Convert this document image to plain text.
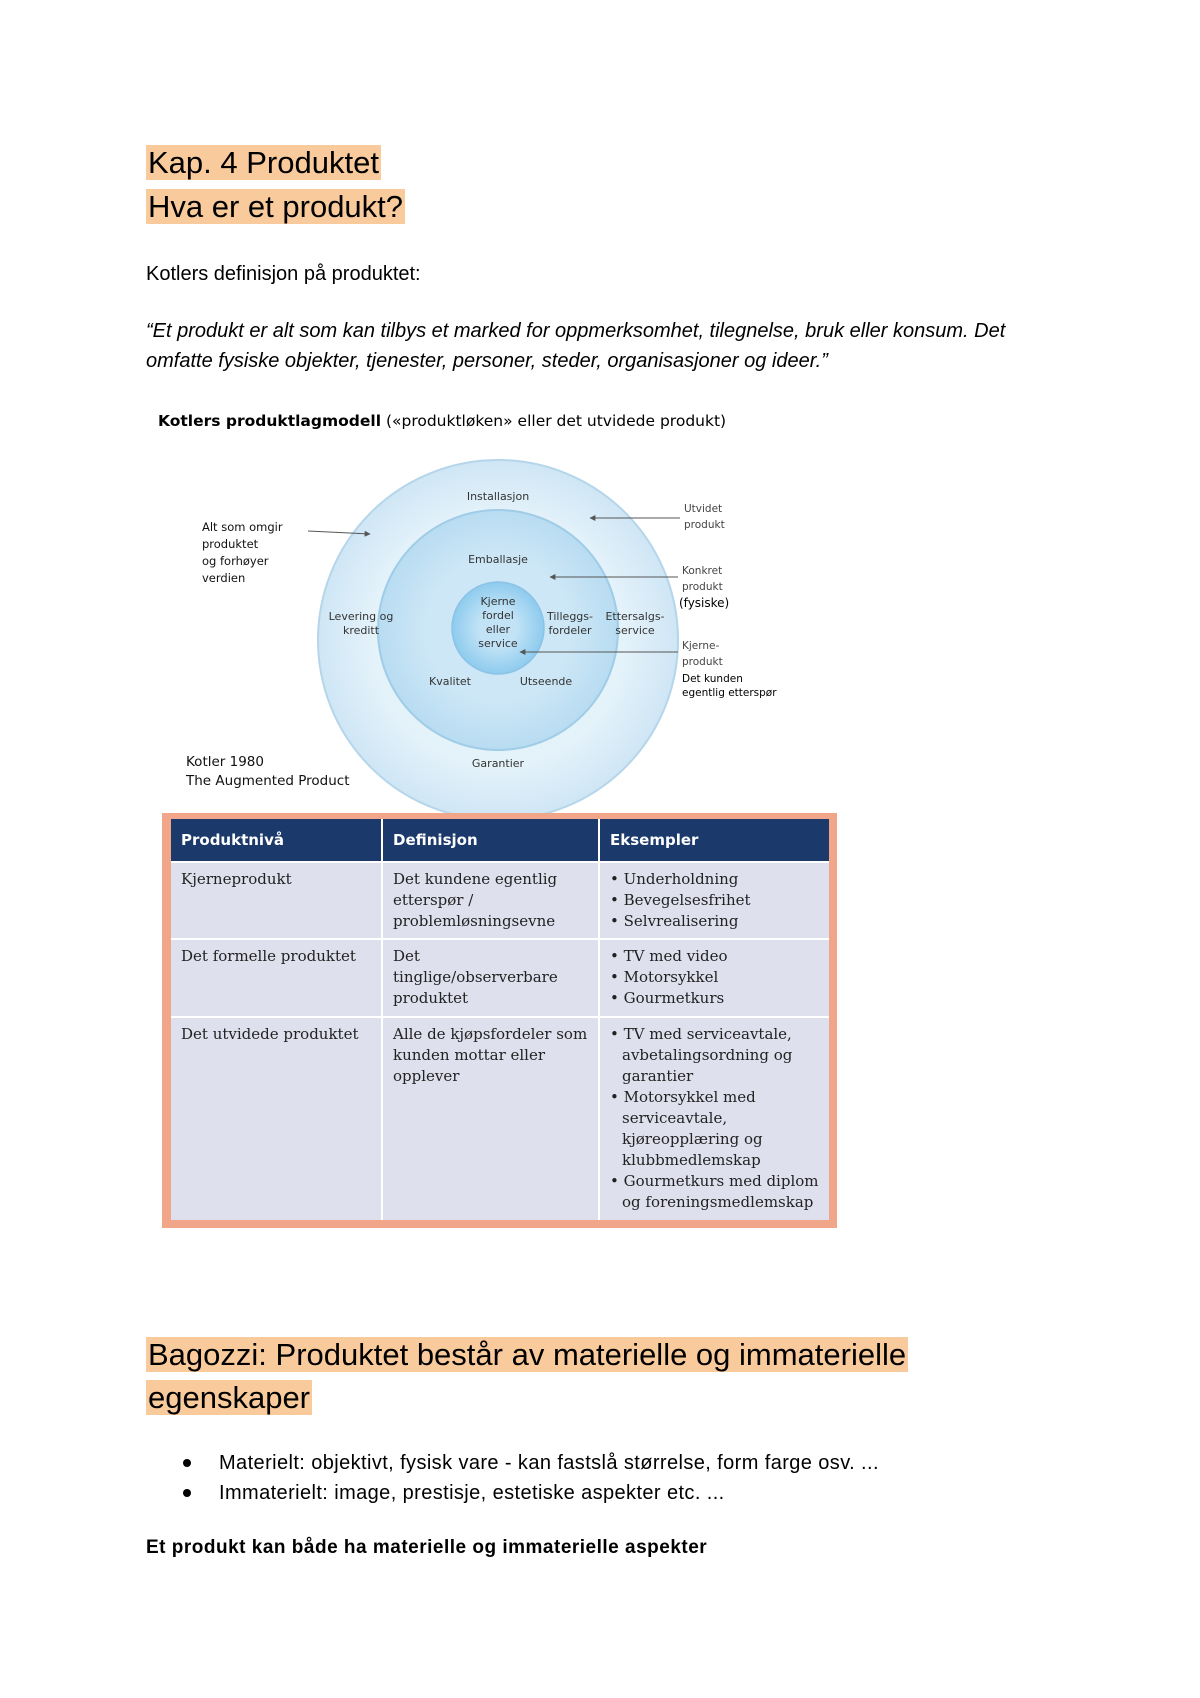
Kap. 4 Produktet
Hva er et produkt?
Kotlers definisjon på produktet:
“Et produkt er alt som kan tilbys et marked for oppmerksomhet, tilegnelse, bruk eller konsum. Det omfatte fysiske objekter, tjenester, personer, steder, organisasjoner og ideer.”
Kotlers produktlagmodell («produktløken» eller det utvidede produkt)
Installasjon
Emballasje
Garantier
Kvalitet	Utseende
Levering og kreditt
Tilleggs-fordeler
Ettersalgs-service
Kjerne fordel eller service
Alt som omgir produktet og forhøyer verdien
Kotler 1980
The Augmented Product
Utvidet produkt
Konkret produkt (fysiske)
Kjerne-produkt Det kunden egentlig etterspør
Produktnivå	Definisjon	Eksempler
Kjerneprodukt	Det kundene egentlig etterspør / problemløsningsevne	• Underholdning
• Bevegelsesfrihet
• Selvrealisering

Det formelle produktet	Det tinglige/observerbare produktet	• TV med video
• Motorsykkel
• Gourmetkurs

Det utvidede produktet	Alle de kjøpsfordeler som kunden mottar eller opplever	• TV med serviceavtale, avbetalingsordning og garantier
• Motorsykkel med serviceavtale, kjøreopplæring og klubbmedlemskap
• Gourmetkurs med diplom og foreningsmedlemskap
Bagozzi: Produktet består av materielle og immaterielle
egenskaper
Materielt: objektivt, fysisk vare - kan fastslå størrelse, form farge osv. ...
Immaterielt: image, prestisje, estetiske aspekter etc. ...
Et produkt kan både ha materielle og immaterielle aspekter
